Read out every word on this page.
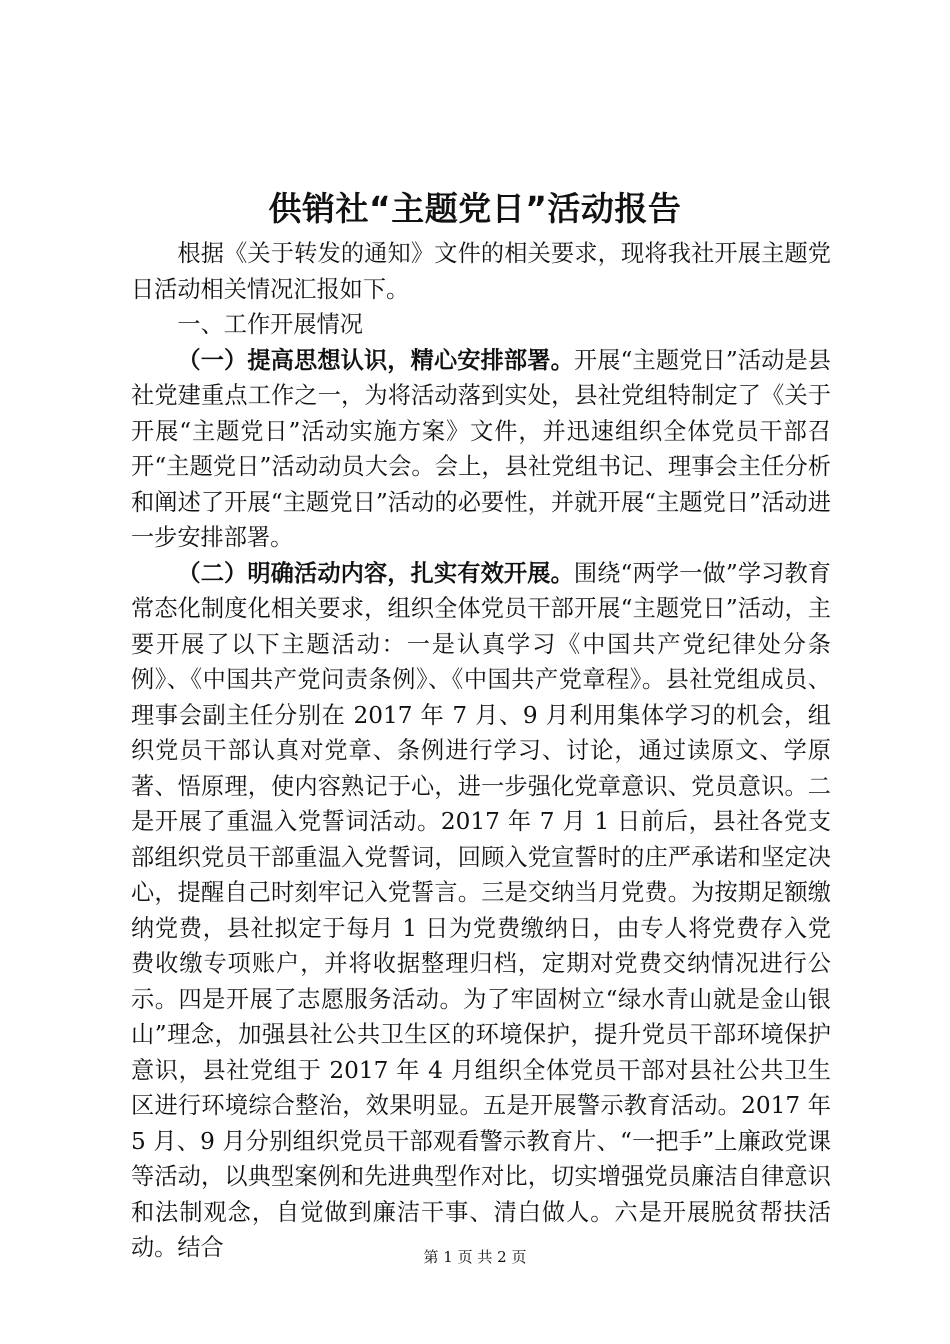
供销社“主题党日”活动报告

根据《关于转发的通知》文件的相关要求，现将我社开展主题党日活动相关情况汇报如下。

一、工作开展情况

（一）提高思想认识，精心安排部署。开展“主题党日”活动是县社党建重点工作之一，为将活动落到实处，县社党组特制定了《关于开展“主题党日”活动实施方案》文件，并迅速组织全体党员干部召开“主题党日”活动动员大会。会上，县社党组书记、理事会主任分析和阐述了开展“主题党日”活动的必要性，并就开展“主题党日”活动进一步安排部署。

（二）明确活动内容，扎实有效开展。围绕“两学一做”学习教育常态化制度化相关要求，组织全体党员干部开展“主题党日”活动，主要开展了以下主题活动：一是认真学习《中国共产党纪律处分条例》、《中国共产党问责条例》、《中国共产党章程》。县社党组成员、理事会副主任分别在 2017 年 7 月、9 月利用集体学习的机会，组织党员干部认真对党章、条例进行学习、讨论，通过读原文、学原著、悟原理，使内容熟记于心，进一步强化党章意识、党员意识。二是开展了重温入党誓词活动。2017 年 7 月 1 日前后，县社各党支部组织党员干部重温入党誓词，回顾入党宣誓时的庄严承诺和坚定决心，提醒自己时刻牢记入党誓言。三是交纳当月党费。为按期足额缴纳党费，县社拟定于每月 1 日为党费缴纳日，由专人将党费存入党费收缴专项账户，并将收据整理归档，定期对党费交纳情况进行公示。四是开展了志愿服务活动。为了牢固树立“绿水青山就是金山银山”理念，加强县社公共卫生区的环境保护，提升党员干部环境保护意识，县社党组于 2017 年 4 月组织全体党员干部对县社公共卫生区进行环境综合整治，效果明显。五是开展警示教育活动。2017 年 5 月、9 月分别组织党员干部观看警示教育片、“一把手”上廉政党课等活动，以典型案例和先进典型作对比，切实增强党员廉洁自律意识和法制观念，自觉做到廉洁干事、清白做人。六是开展脱贫帮扶活动。结合	第 1 页 共 2 页
